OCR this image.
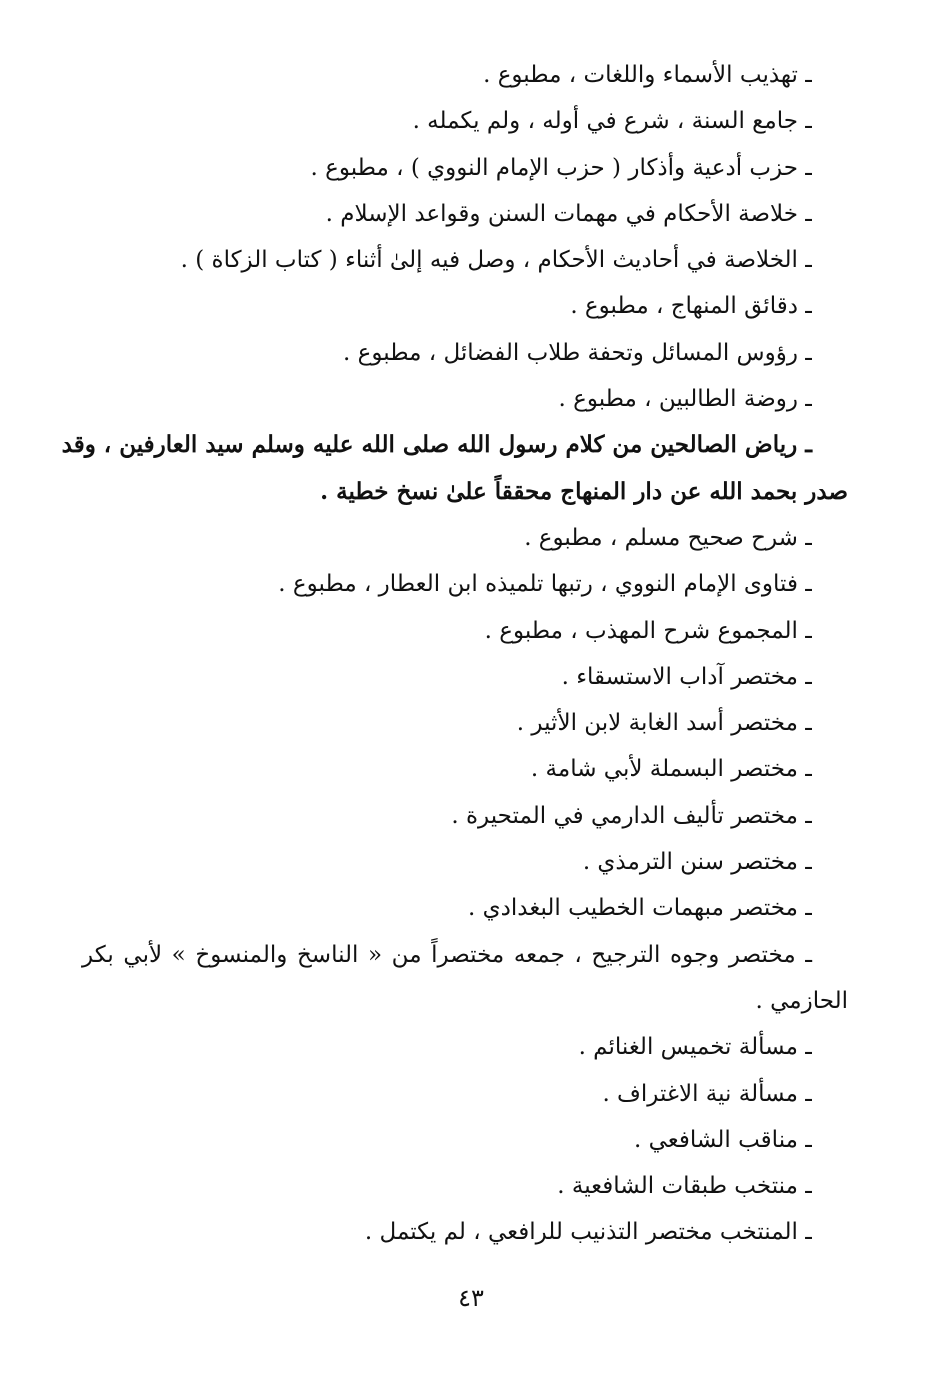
ـ تهذيب الأسماء واللغات ، مطبوع .
ـ جامع السنة ، شرع في أوله ، ولم يكمله .
ـ حزب أدعية وأذكار ( حزب الإمام النووي ) ، مطبوع .
ـ خلاصة الأحكام في مهمات السنن وقواعد الإسلام .
ـ الخلاصة في أحاديث الأحكام ، وصل فيه إلىٰ أثناء ( كتاب الزكاة ) .
ـ دقائق المنهاج ، مطبوع .
ـ رؤوس المسائل وتحفة طلاب الفضائل ، مطبوع .
ـ روضة الطالبين ، مطبوع .
ـ رياض الصالحين من كلام رسول الله صلى الله عليه وسلم سيد العارفين ، وقد
صدر بحمد الله عن دار المنهاج محققاً علىٰ نسخ خطية .
ـ شرح صحيح مسلم ، مطبوع .
ـ فتاوى الإمام النووي ، رتبها تلميذه ابن العطار ، مطبوع .
ـ المجموع شرح المهذب ، مطبوع .
ـ مختصر آداب الاستسقاء .
ـ مختصر أسد الغابة لابن الأثير .
ـ مختصر البسملة لأبي شامة .
ـ مختصر تأليف الدارمي في المتحيرة .
ـ مختصر سنن الترمذي .
ـ مختصر مبهمات الخطيب البغدادي .
ـ مختصر وجوه الترجيح ، جمعه مختصراً من « الناسخ والمنسوخ » لأبي بكر
الحازمي .
ـ مسألة تخميس الغنائم .
ـ مسألة نية الاغتراف .
ـ مناقب الشافعي .
ـ منتخب طبقات الشافعية .
ـ المنتخب مختصر التذنيب للرافعي ، لم يكتمل .
٤٣
